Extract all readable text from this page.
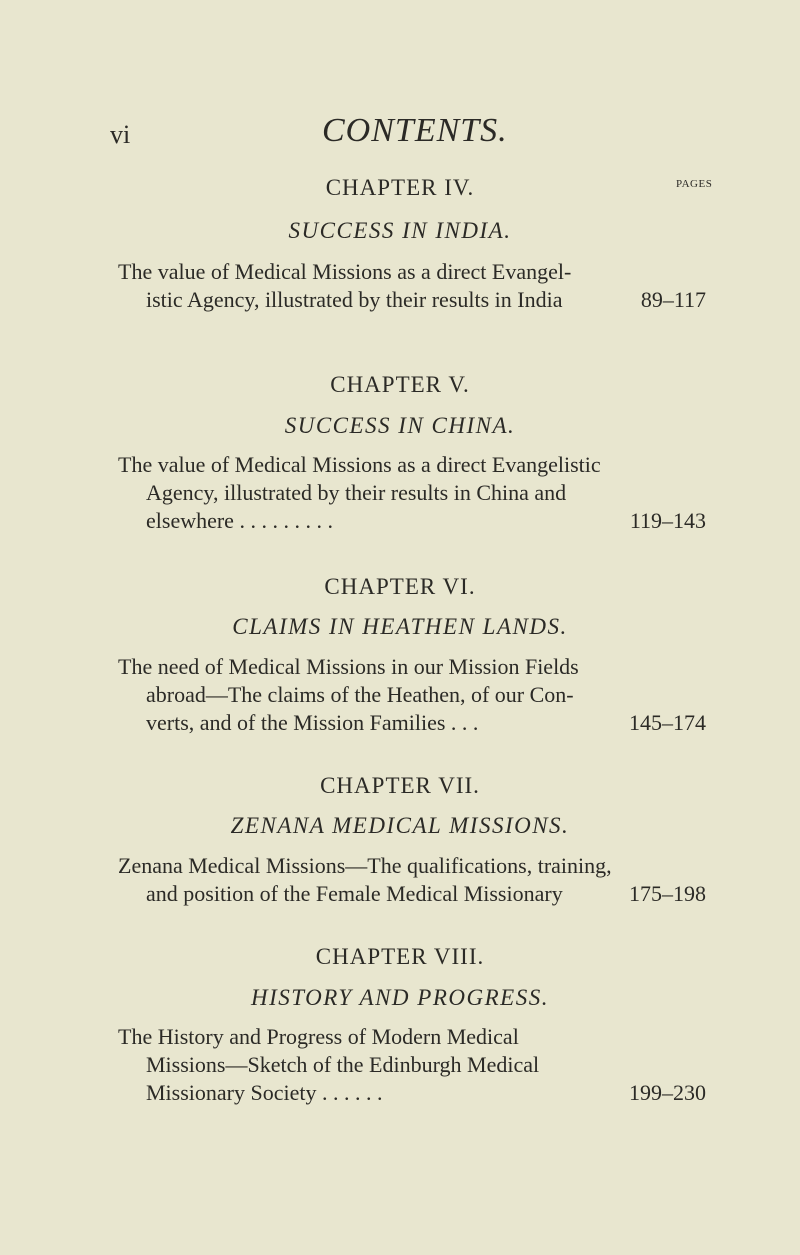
vi	CONTENTS.
PAGES
CHAPTER IV.
SUCCESS IN INDIA.
The value of Medical Missions as a direct Evangel-
istic Agency, illustrated by their results in India	89–117
CHAPTER V.
SUCCESS IN CHINA.
The value of Medical Missions as a direct Evangelistic
Agency, illustrated by their results in China and
elsewhere . . . . . . . . .	119–143
CHAPTER VI.
CLAIMS IN HEATHEN LANDS.
The need of Medical Missions in our Mission Fields
abroad—The claims of the Heathen, of our Con-
verts, and of the Mission Families . . .	145–174
CHAPTER VII.
ZENANA MEDICAL MISSIONS.
Zenana Medical Missions—The qualifications, training,
and position of the Female Medical Missionary	175–198
CHAPTER VIII.
HISTORY AND PROGRESS.
The History and Progress of Modern Medical
Missions—Sketch of the Edinburgh Medical
Missionary Society . . . . . .	199–230
